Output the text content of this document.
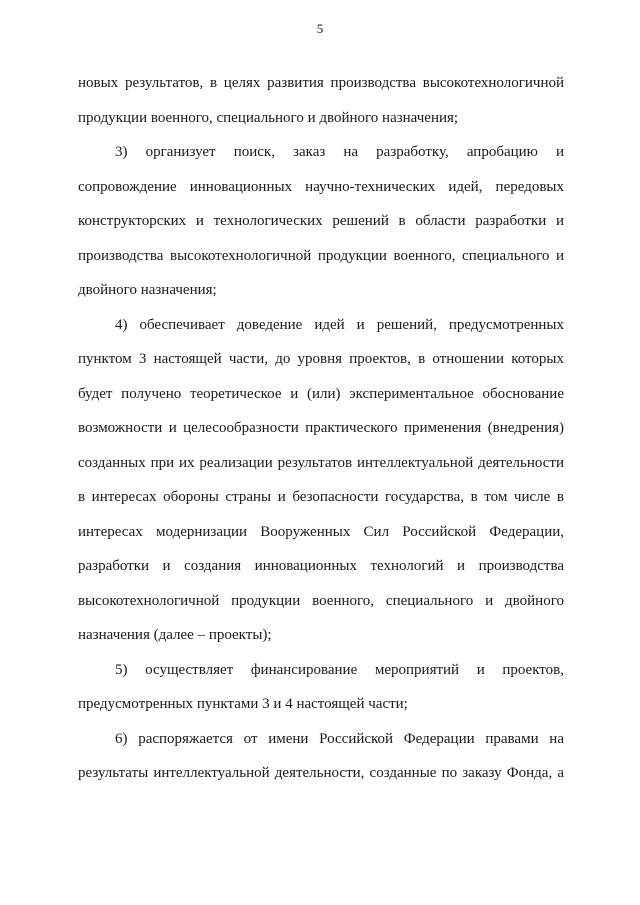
5
новых результатов, в целях развития производства высокотехнологичной
продукции военного, специального и двойного назначения;
3) организует поиск, заказ на разработку, апробацию и
сопровождение инновационных научно-технических идей, передовых
конструкторских и технологических решений в области разработки и
производства высокотехнологичной продукции военного, специального и
двойного назначения;
4) обеспечивает доведение идей и решений, предусмотренных
пунктом 3 настоящей части, до уровня проектов, в отношении которых
будет получено теоретическое и (или) экспериментальное обоснование
возможности и целесообразности практического применения (внедрения)
созданных при их реализации результатов интеллектуальной деятельности
в интересах обороны страны и безопасности государства, в том числе в
интересах модернизации Вооруженных Сил Российской Федерации,
разработки и создания инновационных технологий и производства
высокотехнологичной продукции военного, специального и двойного
назначения (далее – проекты);
5) осуществляет финансирование мероприятий и проектов,
предусмотренных пунктами 3 и 4 настоящей части;
6) распоряжается от имени Российской Федерации правами на
результаты интеллектуальной деятельности, созданные по заказу Фонда, а
